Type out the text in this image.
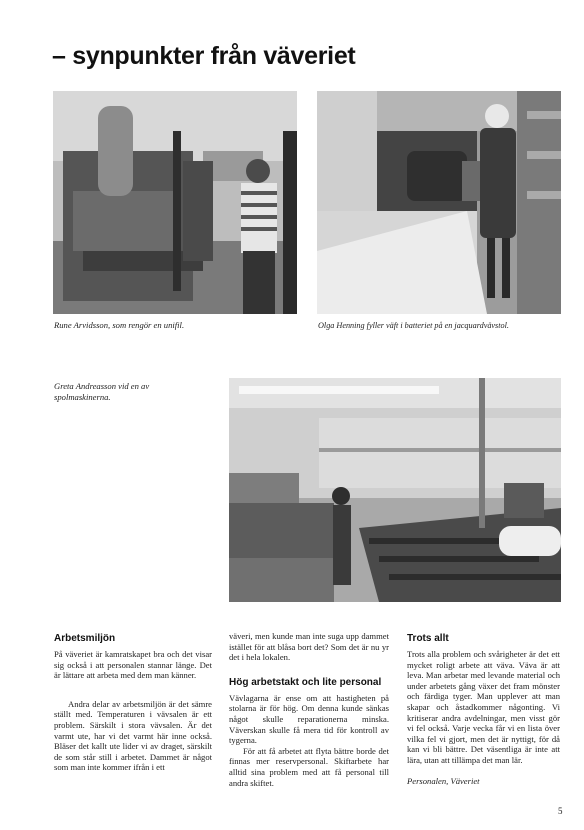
– synpunkter från väveriet
Rune Arvidsson, som rengör en unifil.	Olga Henning fyller väft i batteriet på en jacquardvävstol.
Greta Andreasson vid en av
spolmaskinerna.
Arbetsmiljön

På väveriet är kamratskapet bra och det visar sig också i att personalen stannar länge. Det är lättare att arbeta med dem man känner.

Andra delar av arbetsmiljön är det sämre ställt med. Temperaturen i vävsalen är ett problem. Särskilt i stora vävsalen. Är det varmt ute, har vi det varmt här inne också. Bläser det kallt ute lider vi av draget, särskilt de som står still i arbetet. Dammet är något som man inte kommer ifrån i ett

väveri, men kunde man inte suga upp dammet istället för att blåsa bort det? Som det är nu yr det i hela lokalen.

Hög arbetstakt och lite personal

Vävlagarna är ense om att hastigheten på stolarna är för hög. Om denna kunde sänkas något skulle reparationerna minska. Väverskan skulle få mera tid för kontroll av tygerna.

För att få arbetet att flyta bättre borde det finnas mer reservpersonal. Skiftarbete har alltid sina problem med att få personal till andra skiftet.

Trots allt

Trots alla problem och svårigheter är det ett mycket roligt arbete att väva. Väva är att leva. Man arbetar med levande material och under arbetets gång växer det fram mönster och färdiga tyger. Man upplever att man skapar och åstadkommer någonting. Vi kritiserar andra avdelningar, men visst gör vi fel också. Varje vecka får vi en lista över vilka fel vi gjort, men det är nyttigt, för då kan vi bli bättre. Det väsentliga är inte att lära, utan att tillämpa det man lär.

Personalen, Väveriet

5
